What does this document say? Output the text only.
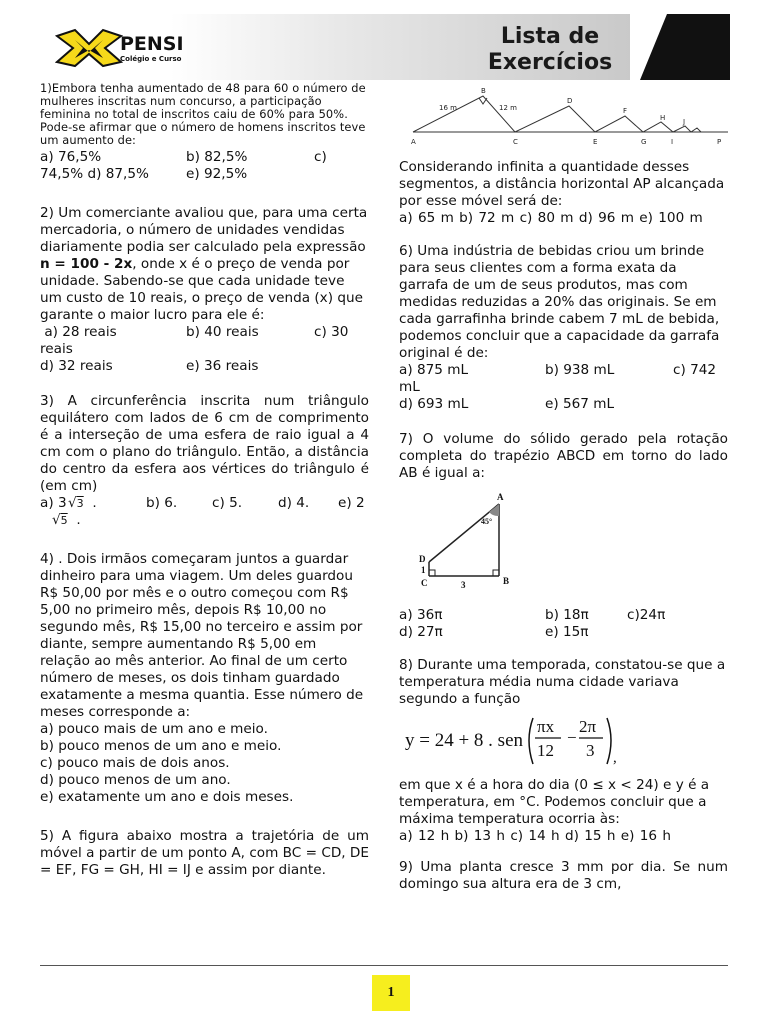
PENSI
Colégio e Curso
Lista de
Exercícios

1)Embora tenha aumentado de 48 para 60 o número de mulheres inscritas num concurso, a participação feminina no total de inscritos caiu de 60% para 50%. Pode-se afirmar que o número de homens inscritos teve um aumento de:

a) 76,5%	b) 82,5%	c)
74,5% d) 87,5%	e) 92,5%

2) Um comerciante avaliou que, para uma certa mercadoria, o número de unidades vendidas diariamente podia ser calculado pela expressão

n = 100 - 2x, onde x é o preço de venda por unidade. Sabendo-se que cada unidade teve um custo de 10 reais, o preço de venda (x) que garante o maior lucro para ele é:

a) 28 reais	b) 40 reais	c) 30

reais

d) 32 reais	e) 36 reais

3) A circunferência inscrita num triângulo equilátero com lados de 6 cm de comprimento é a interseção de uma esfera de raio igual a 4 cm com o plano do triângulo. Então, a distância do centro da esfera aos vértices do triângulo é (em cm)

a) 3 √3  .	b) 6.	c) 5.	d) 4.	e) 2
√5  .

4) . Dois irmãos começaram juntos a guardar dinheiro para uma viagem. Um deles guardou R$ 50,00 por mês e o outro começou com R$ 5,00 no primeiro mês, depois R$ 10,00 no segundo mês, R$ 15,00 no terceiro e assim por diante, sempre aumentando R$ 5,00 em relação ao mês anterior. Ao final de um certo número de meses, os dois tinham guardado exatamente a mesma quantia. Esse número de meses corresponde a:

a) pouco mais de um ano e meio.

b) pouco menos de um ano e meio.

c) pouco mais de dois anos.

d) pouco menos de um ano.

e) exatamente um ano e dois meses.

5) A figura abaixo mostra a trajetória de um móvel a partir de um ponto A, com BC = CD, DE = EF, FG = GH, HI = IJ e assim por diante.

16 m	12 m
B
D
F
H	J
A	C	E	G	I	P

Considerando infinita a quantidade desses segmentos, a distância horizontal AP alcançada por esse móvel será de:

a) 65 m b) 72 m c) 80 m d) 96 m e) 100 m

6) Uma indústria de bebidas criou um brinde para seus clientes com a forma exata da garrafa de um de seus produtos, mas com medidas reduzidas a 20% das originais. Se em cada garrafinha brinde cabem 7 mL de bebida, podemos concluir que a capacidade da garrafa original é de:

a) 875 mL	b) 938 mL	c) 742

mL

d) 693 mL	e) 567 mL

7) O volume do sólido gerado pela rotação completa do trapézio ABCD em torno do lado AB é igual a:

A
B
C
D
45°
1
3
a) 36π	b) 18π	c)24π
d) 27π	e) 15π

8) Durante uma temporada, constatou-se que a temperatura média numa cidade variava segundo a função

y = 24 + 8 . sen
πx
12
−
2π
3 ,

em que x é a hora do dia (0 ≤ x < 24) e y é a temperatura, em °C. Podemos concluir que a máxima temperatura ocorria às:

a) 12 h b) 13 h c) 14 h d) 15 h e) 16 h

9) Uma planta cresce 3 mm por dia. Se num domingo sua altura era de 3 cm,

1
